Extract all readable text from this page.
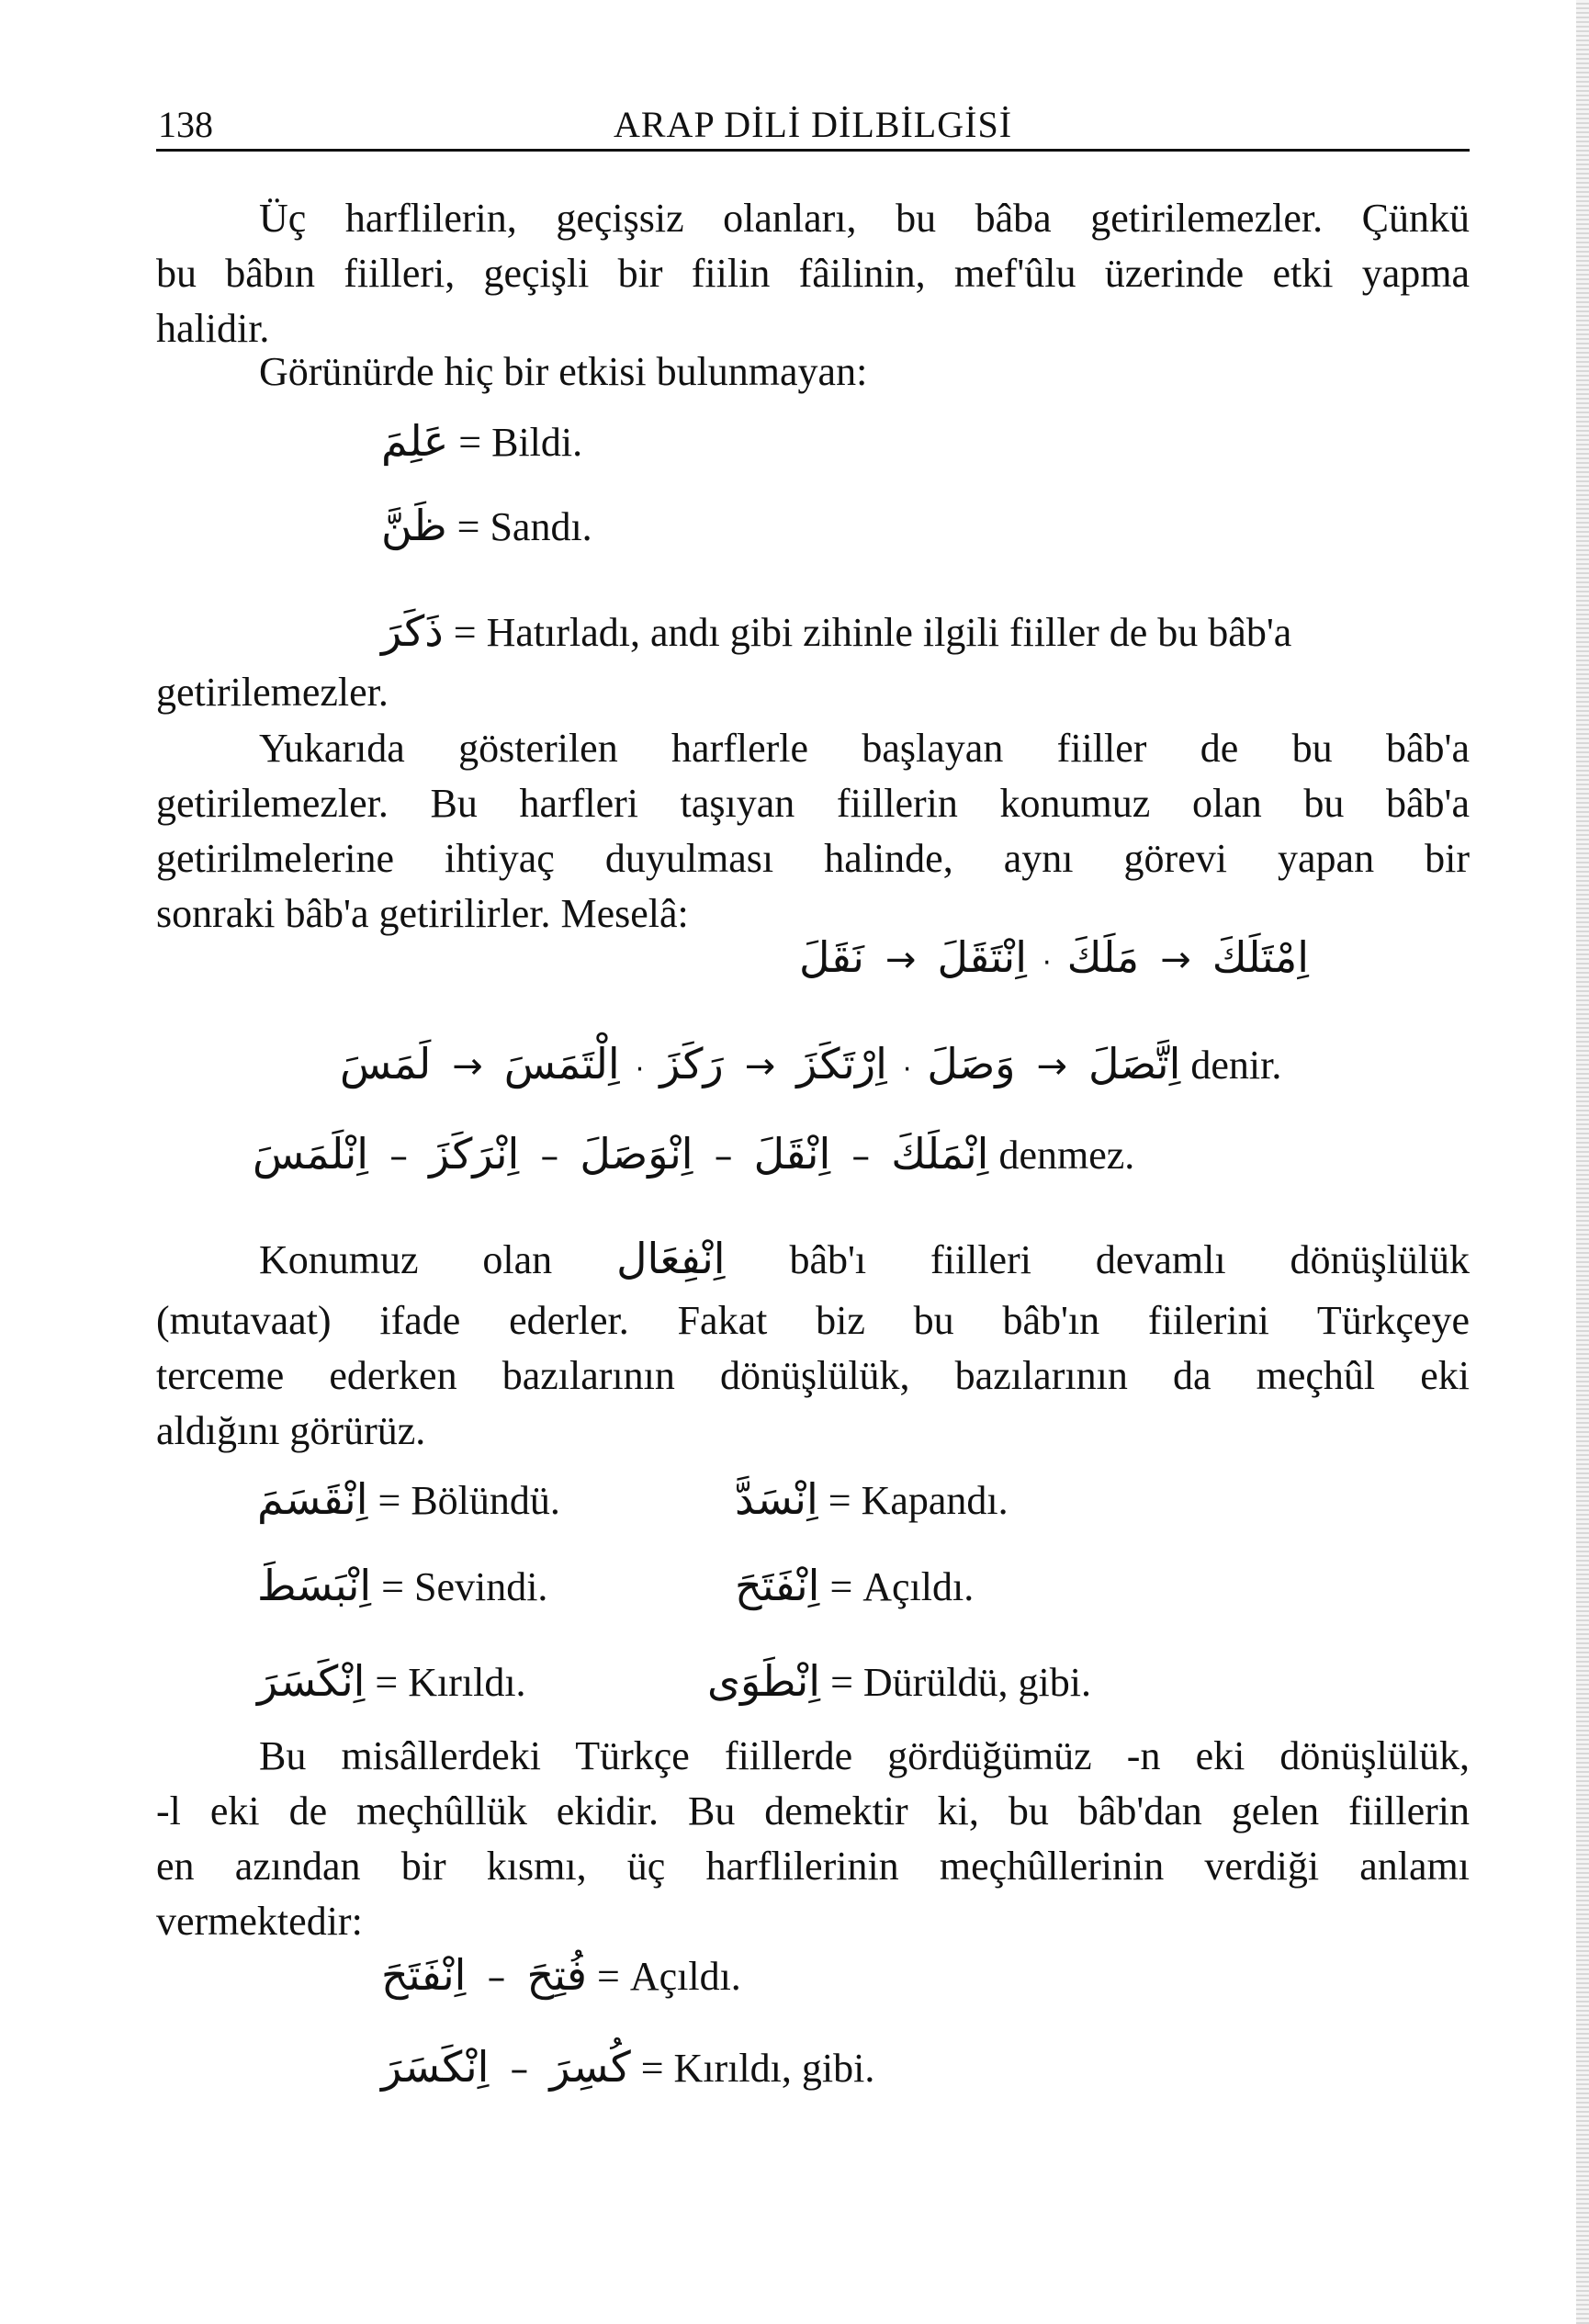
138	ARAP DİLİ DİLBİLGİSİ
Üç harflilerin, geçişsiz olanları, bu bâba getirilemezler. Çünkü
bu bâbın fiilleri, geçişli bir fiilin fâilinin, mef'ûlu üzerinde etki yapma
halidir.
Görünürde hiç bir etkisi bulunmayan:
عَلِمَ = Bildi.
ظَنَّ = Sandı.
ذَكَرَ = Hatırladı, andı gibi zihinle ilgili fiiller de bu bâb'a
getirilemezler.
Yukarıda gösterilen harflerle başlayan fiiller de bu bâb'a
getirilemezler. Bu harfleri taşıyan fiillerin konumuz olan bu bâb'a
getirilmelerine ihtiyaç duyulması halinde, aynı görevi yapan bir
sonraki bâb'a getirilirler. Meselâ:
نَقَلَ → اِنْتَقَلَ · مَلَكَ → اِمْتَلَكَ
لَمَسَ → اِلْتَمَسَ · رَكَزَ → اِرْتَكَزَ · وَصَلَ → اِتَّصَلَ denir.
اِنْلَمَسَ – اِنْرَكَزَ – اِنْوَصَلَ – اِنْقَلَ – اِنْمَلَكَ denmez.
Konumuz olan اِنْفِعَال bâb'ı fiilleri devamlı dönüşlülük
(mutavaat) ifade ederler. Fakat biz bu bâb'ın fiilerini Türkçeye
terceme ederken bazılarının dönüşlülük, bazılarının da meçhûl eki
aldığını görürüz.
اِنْقَسَمَ = Bölündü.	اِنْسَدَّ = Kapandı.
اِنْبَسَطَ = Sevindi.	اِنْفَتَحَ = Açıldı.
اِنْكَسَرَ = Kırıldı.	اِنْطَوَى = Dürüldü, gibi.
Bu misâllerdeki Türkçe fiillerde gördüğümüz -n eki dönüşlülük,
-l eki de meçhûllük ekidir. Bu demektir ki, bu bâb'dan gelen fiillerin
en azından bir kısmı, üç harflilerinin meçhûllerinin verdiği anlamı
vermektedir:
اِنْفَتَحَ – فُتِحَ = Açıldı.
اِنْكَسَرَ – كُسِرَ = Kırıldı, gibi.
